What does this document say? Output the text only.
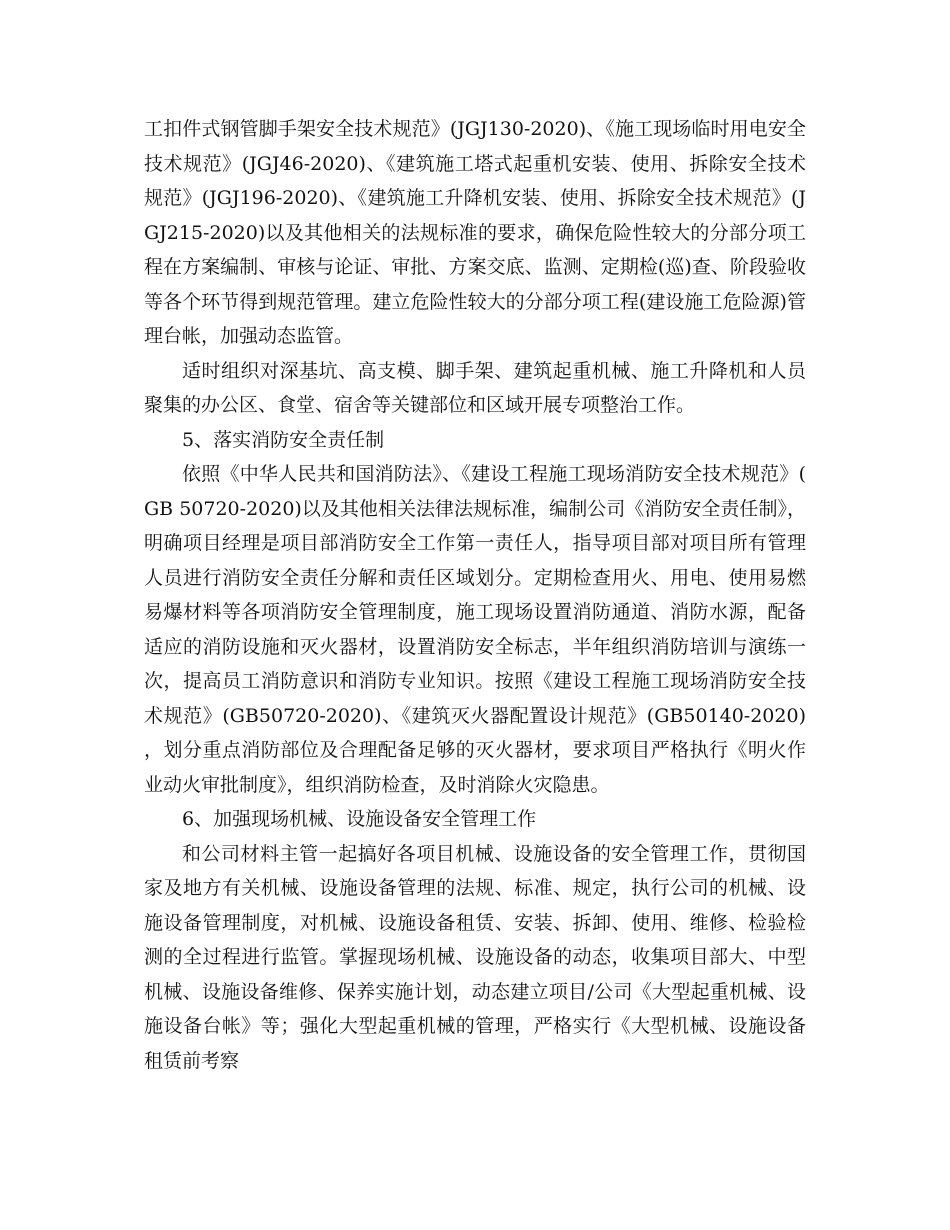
工扣件式钢管脚手架安全技术规范》(JGJ130-2020)、《施工现场临时用电安全技术规范》(JGJ46-2020)、《建筑施工塔式起重机安装、使用、拆除安全技术规范》(JGJ196-2020)、《建筑施工升降机安装、使用、拆除安全技术规范》(JGJ215-2020)以及其他相关的法规标准的要求，确保危险性较大的分部分项工程在方案编制、审核与论证、审批、方案交底、监测、定期检(巡)查、阶段验收等各个环节得到规范管理。建立危险性较大的分部分项工程(建设施工危险源)管理台帐，加强动态监管。

适时组织对深基坑、高支模、脚手架、建筑起重机械、施工升降机和人员聚集的办公区、食堂、宿舍等关键部位和区域开展专项整治工作。

5、落实消防安全责任制

依照《中华人民共和国消防法》、《建设工程施工现场消防安全技术规范》(GB 50720-2020)以及其他相关法律法规标准，编制公司《消防安全责任制》，明确项目经理是项目部消防安全工作第一责任人，指导项目部对项目所有管理人员进行消防安全责任分解和责任区域划分。定期检查用火、用电、使用易燃易爆材料等各项消防安全管理制度，施工现场设置消防通道、消防水源，配备适应的消防设施和灭火器材，设置消防安全标志，半年组织消防培训与演练一次，提高员工消防意识和消防专业知识。按照《建设工程施工现场消防安全技术规范》(GB50720-2020)、《建筑灭火器配置设计规范》(GB50140-2020)，划分重点消防部位及合理配备足够的灭火器材，要求项目严格执行《明火作业动火审批制度》，组织消防检查，及时消除火灾隐患。

6、加强现场机械、设施设备安全管理工作

和公司材料主管一起搞好各项目机械、设施设备的安全管理工作，贯彻国家及地方有关机械、设施设备管理的法规、标准、规定，执行公司的机械、设施设备管理制度，对机械、设施设备租赁、安装、拆卸、使用、维修、检验检测的全过程进行监管。掌握现场机械、设施设备的动态，收集项目部大、中型机械、设施设备维修、保养实施计划，动态建立项目/公司《大型起重机械、设施设备台帐》等；强化大型起重机械的管理，严格实行《大型机械、设施设备租赁前考察
